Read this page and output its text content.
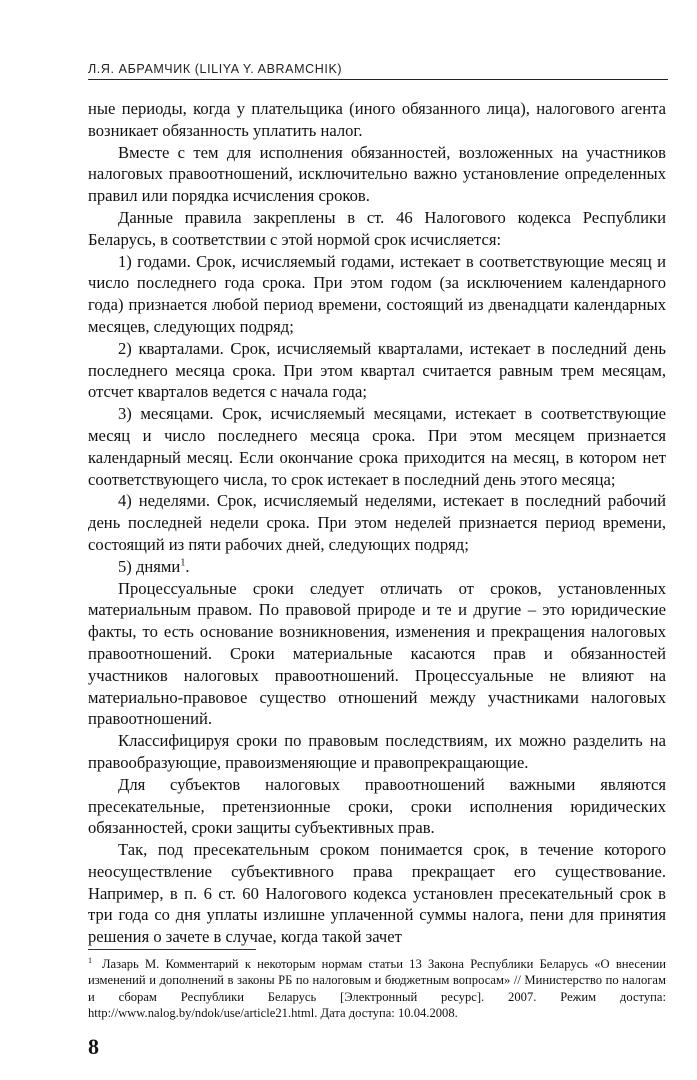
Л.Я. АБРАМЧИК (LILIYA Y. ABRAMCHIK)

ные периоды, когда у плательщика (иного обязанного лица), налогового агента возникает обязанность уплатить налог.

Вместе с тем для исполнения обязанностей, возложенных на участников налоговых правоотношений, исключительно важно установление определенных правил или порядка исчисления сроков.

Данные правила закреплены в ст. 46 Налогового кодекса Республики Беларусь, в соответствии с этой нормой срок исчисляется:

1) годами. Срок, исчисляемый годами, истекает в соответствующие месяц и число последнего года срока. При этом годом (за исключением календарного года) признается любой период времени, состоящий из двенадцати календарных месяцев, следующих подряд;

2) кварталами. Срок, исчисляемый кварталами, истекает в последний день последнего месяца срока. При этом квартал считается равным трем месяцам, отсчет кварталов ведется с начала года;

3) месяцами. Срок, исчисляемый месяцами, истекает в соответствующие месяц и число последнего месяца срока. При этом месяцем признается календарный месяц. Если окончание срока приходится на месяц, в котором нет соответствующего числа, то срок истекает в последний день этого месяца;

4) неделями. Срок, исчисляемый неделями, истекает в последний рабочий день последней недели срока. При этом неделей признается период времени, состоящий из пяти рабочих дней, следующих подряд;

5) днями$^1$.

Процессуальные сроки следует отличать от сроков, установленных материальным правом. По правовой природе и те и другие – это юридические факты, то есть основание возникновения, изменения и прекращения налоговых правоотношений. Сроки материальные касаются прав и обязанностей участников налоговых правоотношений. Процессуальные не влияют на материально-правовое существо отношений между участниками налоговых правоотношений.

Классифицируя сроки по правовым последствиям, их можно разделить на правообразующие, правоизменяющие и правопрекращающие.

Для субъектов налоговых правоотношений важными являются пресекательные, претензионные сроки, сроки исполнения юридических обязанностей, сроки защиты субъективных прав.

Так, под пресекательным сроком понимается срок, в течение которого неосуществление субъективного права прекращает его существование. Например, в п. 6 ст. 60 Налогового кодекса установлен пресекательный срок в три года со дня уплаты излишне уплаченной суммы налога, пени для принятия решения о зачете в случае, когда такой зачет

$^1$ Лазарь М. Комментарий к некоторым нормам статьи 13 Закона Республики Беларусь «О внесении изменений и дополнений в законы РБ по налоговым и бюджетным вопросам» // Министерство по налогам и сборам Республики Беларусь [Электронный ресурс]. 2007. Режим доступа: http://www.nalog.by/ndok/use/article21.html. Дата доступа: 10.04.2008.
8
